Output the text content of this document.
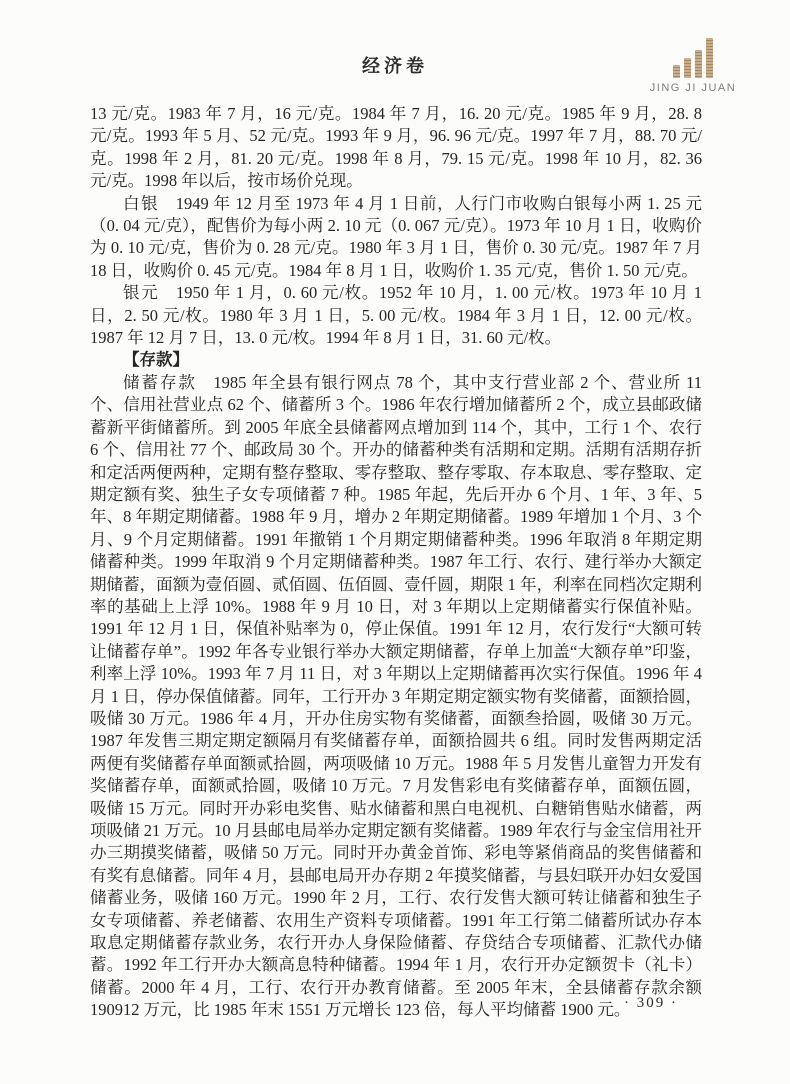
经济卷
JING JI JUAN

13 元/克。1983 年 7 月，16 元/克。1984 年 7 月，16. 20 元/克。1985 年 9 月，28. 8 元/克。1993 年 5 月、52 元/克。1993 年 9 月，96. 96 元/克。1997 年 7 月，88. 70 元/克。1998 年 2 月，81. 20 元/克。1998 年 8 月，79. 15 元/克。1998 年 10 月，82. 36 元/克。1998 年以后，按市场价兑现。

白银 1949 年 12 月至 1973 年 4 月 1 日前，人行门市收购白银每小两 1. 25 元（0. 04 元/克），配售价为每小两 2. 10 元（0. 067 元/克）。1973 年 10 月 1 日，收购价为 0. 10 元/克，售价为 0. 28 元/克。1980 年 3 月 1 日，售价 0. 30 元/克。1987 年 7 月 18 日，收购价 0. 45 元/克。1984 年 8 月 1 日，收购价 1. 35 元/克，售价 1. 50 元/克。

银元 1950 年 1 月，0. 60 元/枚。1952 年 10 月，1. 00 元/枚。1973 年 10 月 1 日，2. 50 元/枚。1980 年 3 月 1 日，5. 00 元/枚。1984 年 3 月 1 日，12. 00 元/枚。1987 年 12 月 7 日，13. 0 元/枚。1994 年 8 月 1 日，31. 60 元/枚。

【存款】

储蓄存款 1985 年全县有银行网点 78 个，其中支行营业部 2 个、营业所 11 个、信用社营业点 62 个、储蓄所 3 个。1986 年农行增加储蓄所 2 个，成立县邮政储蓄新平街储蓄所。到 2005 年底全县储蓄网点增加到 114 个，其中，工行 1 个、农行 6 个、信用社 77 个、邮政局 30 个。开办的储蓄种类有活期和定期。活期有活期存折和定活两便两种，定期有整存整取、零存整取、整存零取、存本取息、零存整取、定期定额有奖、独生子女专项储蓄 7 种。1985 年起，先后开办 6 个月、1 年、3 年、5 年、8 年期定期储蓄。1988 年 9 月，增办 2 年期定期储蓄。1989 年增加 1 个月、3 个月、9 个月定期储蓄。1991 年撤销 1 个月期定期储蓄种类。1996 年取消 8 年期定期储蓄种类。1999 年取消 9 个月定期储蓄种类。1987 年工行、农行、建行举办大额定期储蓄，面额为壹佰圆、贰佰圆、伍佰圆、壹仟圆，期限 1 年，利率在同档次定期利率的基础上上浮 10%。1988 年 9 月 10 日，对 3 年期以上定期储蓄实行保值补贴。1991 年 12 月 1 日，保值补贴率为 0，停止保值。1991 年 12 月，农行发行“大额可转让储蓄存单”。1992 年各专业银行举办大额定期储蓄，存单上加盖“大额存单”印鉴，利率上浮 10%。1993 年 7 月 11 日，对 3 年期以上定期储蓄再次实行保值。1996 年 4 月 1 日，停办保值储蓄。同年，工行开办 3 年期定期定额实物有奖储蓄，面额拾圆，吸储 30 万元。1986 年 4 月，开办住房实物有奖储蓄，面额叁拾圆，吸储 30 万元。1987 年发售三期定期定额隔月有奖储蓄存单，面额拾圆共 6 组。同时发售两期定活两便有奖储蓄存单面额贰拾圆，两项吸储 10 万元。1988 年 5 月发售儿童智力开发有奖储蓄存单，面额贰拾圆，吸储 10 万元。7 月发售彩电有奖储蓄存单，面额伍圆，吸储 15 万元。同时开办彩电奖售、贴水储蓄和黑白电视机、白糖销售贴水储蓄，两项吸储 21 万元。10 月县邮电局举办定期定额有奖储蓄。1989 年农行与金宝信用社开办三期摸奖储蓄，吸储 50 万元。同时开办黄金首饰、彩电等紧俏商品的奖售储蓄和有奖有息储蓄。同年 4 月，县邮电局开办存期 2 年摸奖储蓄，与县妇联开办妇女爱国储蓄业务，吸储 160 万元。1990 年 2 月，工行、农行发售大额可转让储蓄和独生子女专项储蓄、养老储蓄、农用生产资料专项储蓄。1991 年工行第二储蓄所试办存本取息定期储蓄存款业务，农行开办人身保险储蓄、存贷结合专项储蓄、汇款代办储蓄。1992 年工行开办大额高息特种储蓄。1994 年 1 月，农行开办定额贺卡（礼卡）储蓄。2000 年 4 月，工行、农行开办教育储蓄。至 2005 年末，全县储蓄存款余额 190912 万元，比 1985 年末 1551 万元增长 123 倍，每人平均储蓄 1900 元。

· 309 ·
